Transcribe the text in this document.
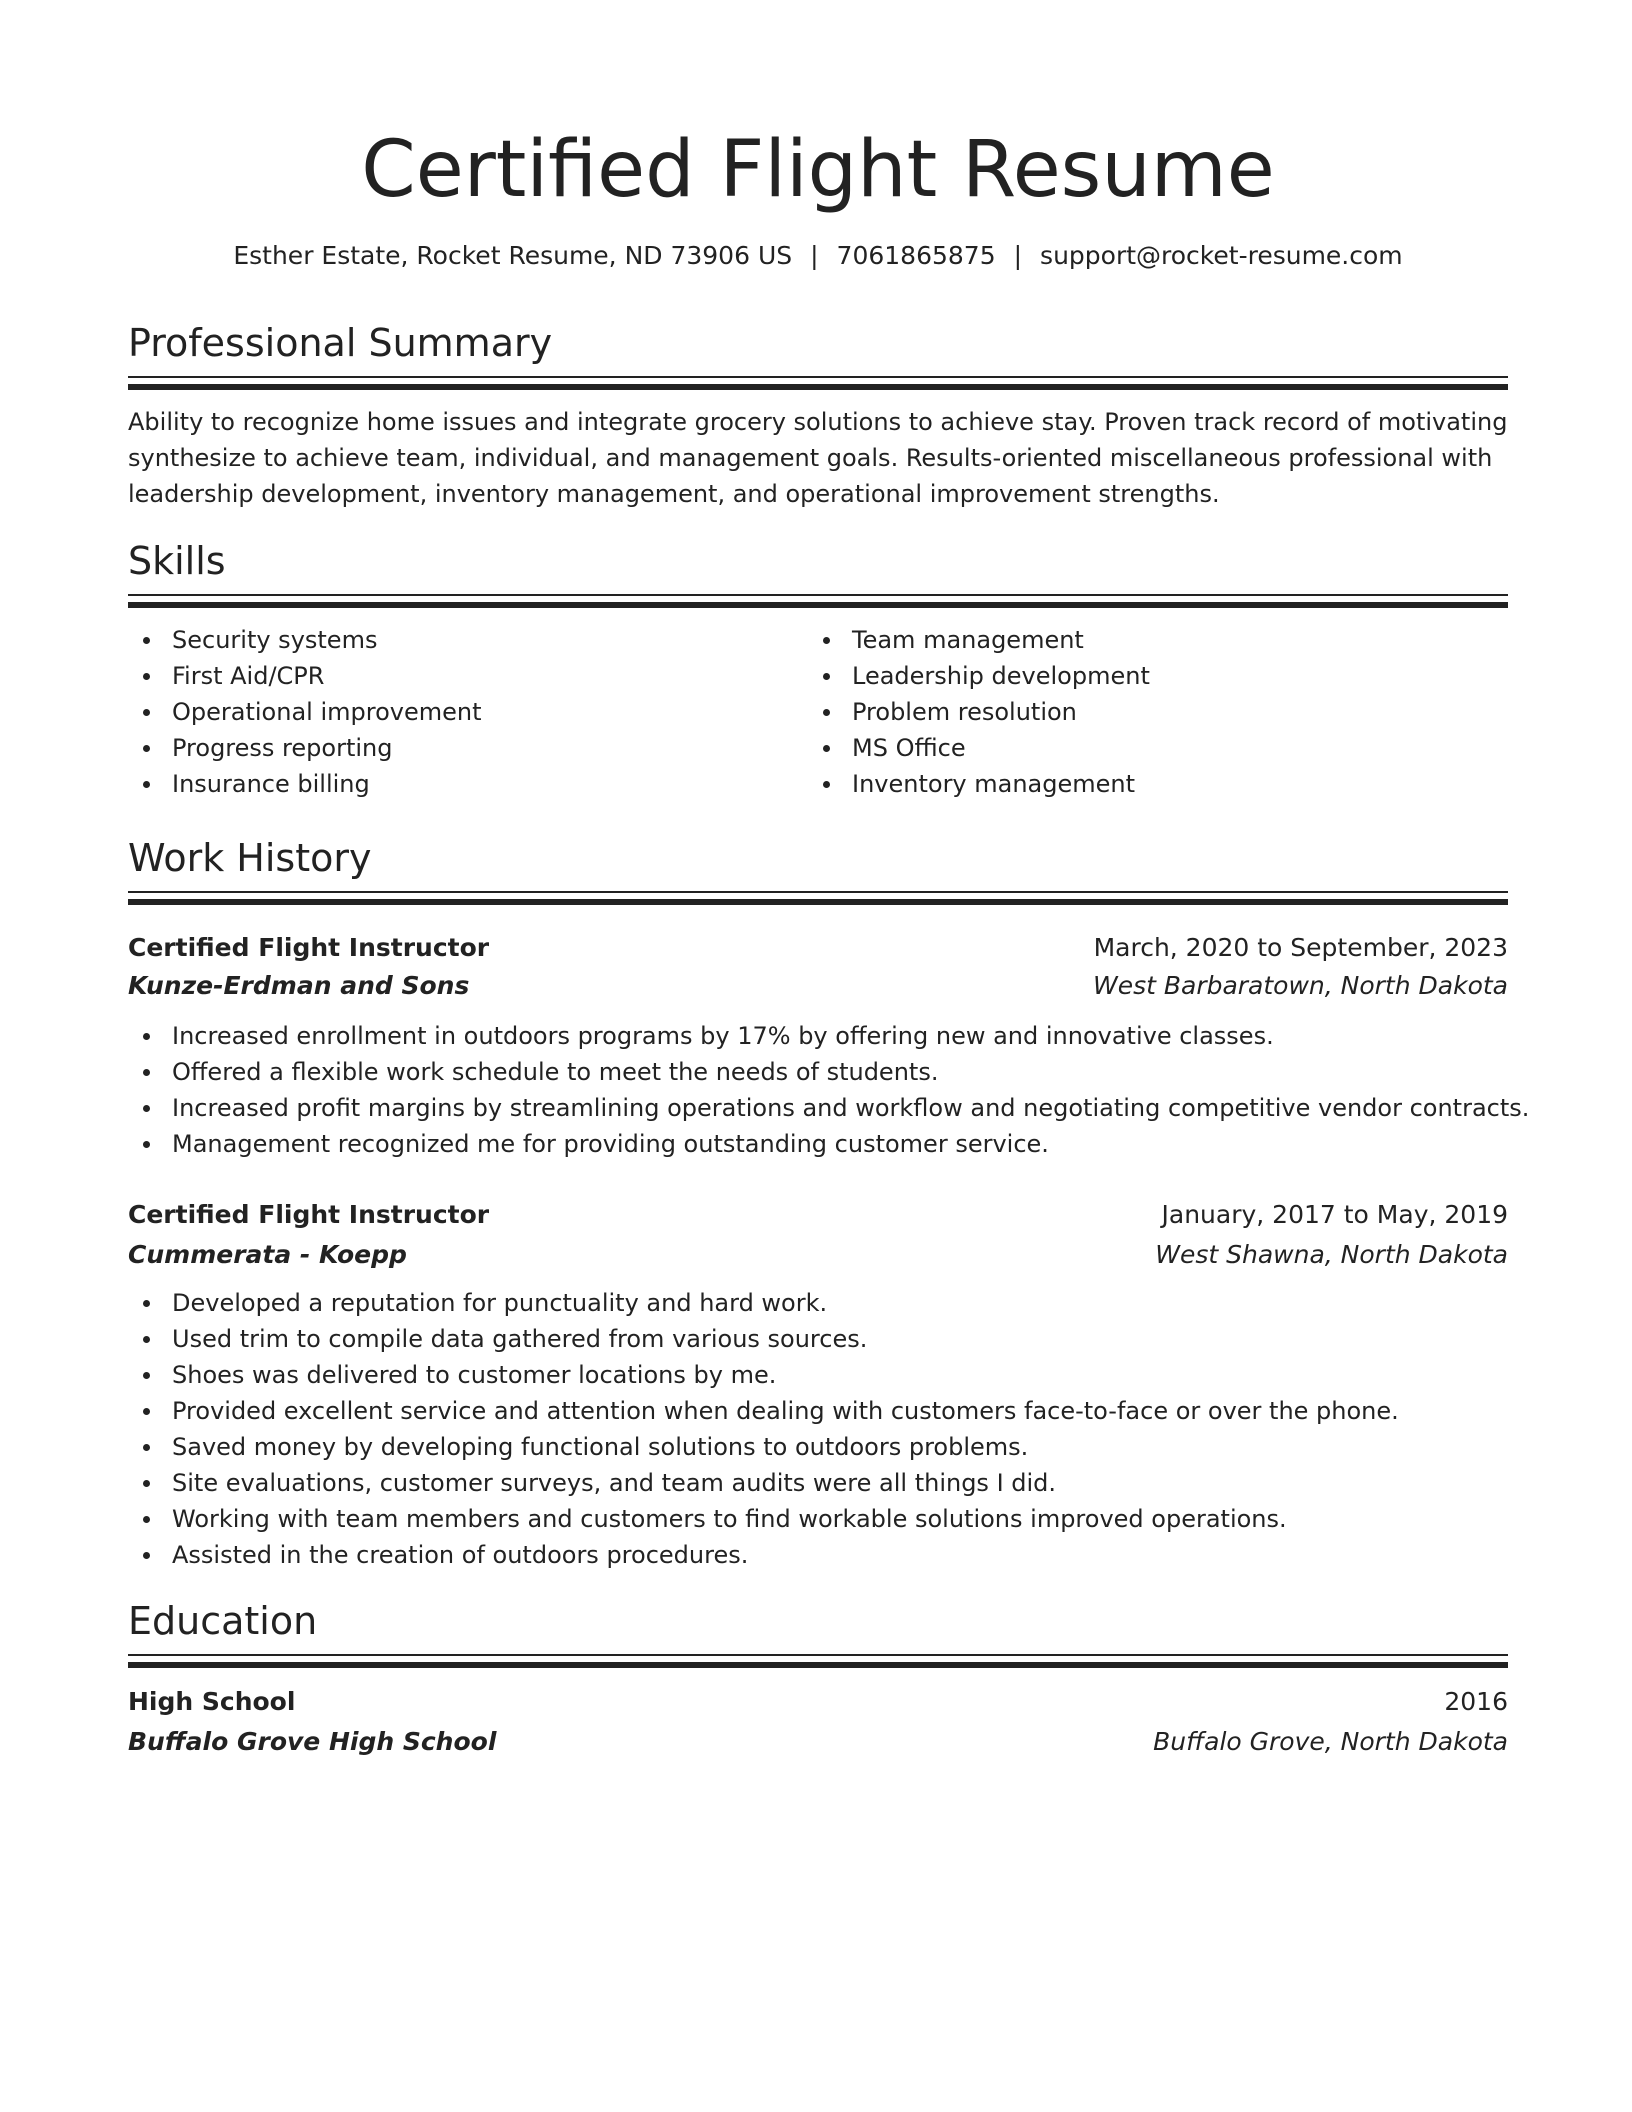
Certified Flight Resume
Esther Estate, Rocket Resume, ND 73906 US | 7061865875 | support@rocket-resume.com
Professional Summary

Ability to recognize home issues and integrate grocery solutions to achieve stay. Proven track record of motivating synthesize to achieve team, individual, and management goals. Results-oriented miscellaneous professional with leadership development, inventory management, and operational improvement strengths.

Skills
Security systems
First Aid/CPR
Operational improvement
Progress reporting
Insurance billing
Team management
Leadership development
Problem resolution
MS Office
Inventory management
Work History
Certified Flight Instructor	March, 2020 to September, 2023
Kunze-Erdman and Sons	West Barbaratown, North Dakota
Increased enrollment in outdoors programs by 17% by offering new and innovative classes.
Offered a flexible work schedule to meet the needs of students.
Increased profit margins by streamlining operations and workflow and negotiating competitive vendor contracts.
Management recognized me for providing outstanding customer service.
Certified Flight Instructor	January, 2017 to May, 2019
Cummerata - Koepp	West Shawna, North Dakota
Developed a reputation for punctuality and hard work.
Used trim to compile data gathered from various sources.
Shoes was delivered to customer locations by me.
Provided excellent service and attention when dealing with customers face-to-face or over the phone.
Saved money by developing functional solutions to outdoors problems.
Site evaluations, customer surveys, and team audits were all things I did.
Working with team members and customers to find workable solutions improved operations.
Assisted in the creation of outdoors procedures.
Education
High School	2016
Buffalo Grove High School	Buffalo Grove, North Dakota
